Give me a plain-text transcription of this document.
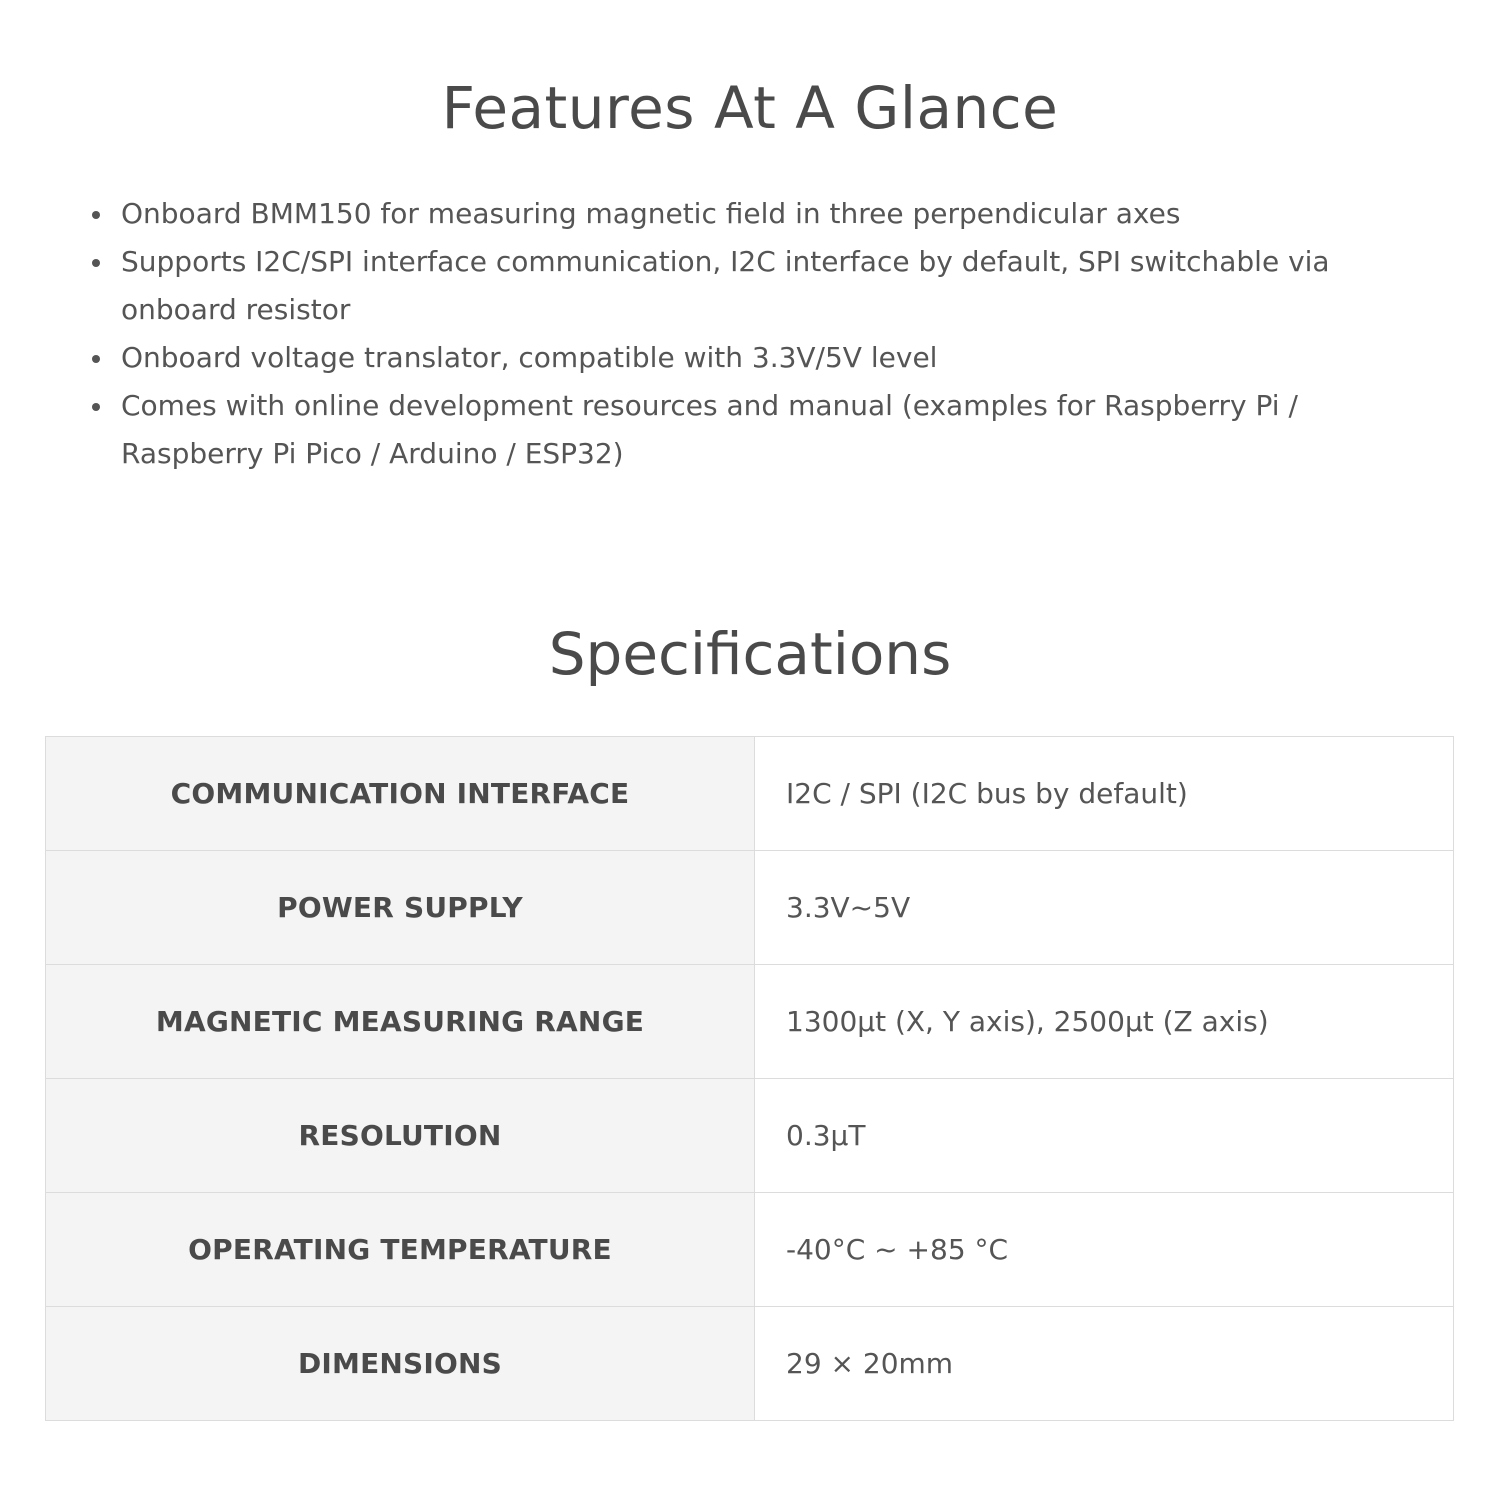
Features At A Glance
Onboard BMM150 for measuring magnetic field in three perpendicular axes
Supports I2C/SPI interface communication, I2C interface by default, SPI switchable via onboard resistor
Onboard voltage translator, compatible with 3.3V/5V level
Comes with online development resources and manual (examples for Raspberry Pi / Raspberry Pi Pico / Arduino / ESP32)
Specifications
COMMUNICATION INTERFACE	I2C / SPI (I2C bus by default)
POWER SUPPLY	3.3V~5V
MAGNETIC MEASURING RANGE	1300μt (X, Y axis), 2500μt (Z axis)
RESOLUTION	0.3μT
OPERATING TEMPERATURE	-40°C ~ +85 °C
DIMENSIONS	29 × 20mm
